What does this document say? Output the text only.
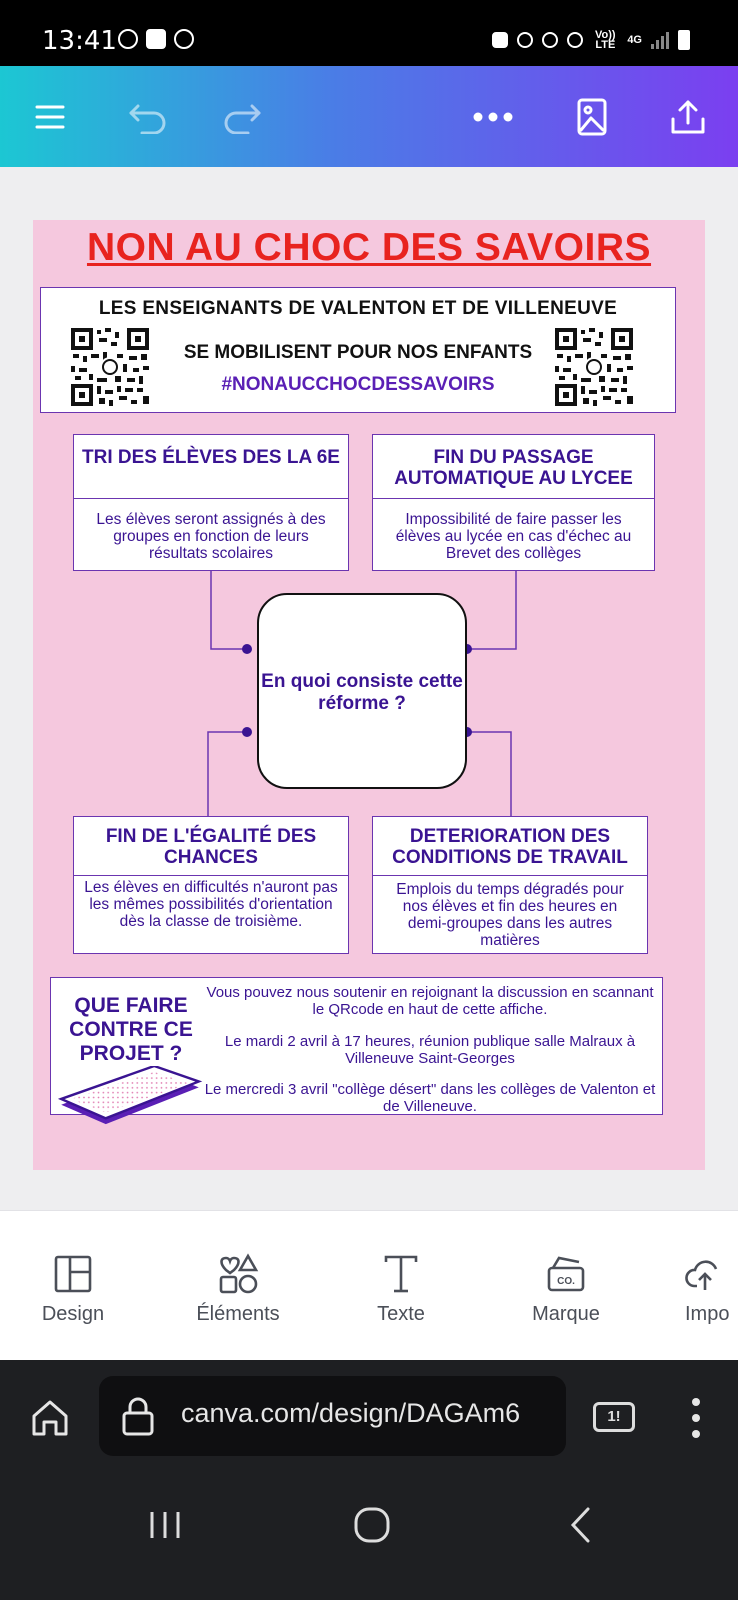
13:41	Vo)) LTE 4G
NON AU CHOC DES SAVOIRS
LES ENSEIGNANTS DE VALENTON ET DE VILLENEUVE
SE MOBILISENT POUR NOS ENFANTS
#NONAUCCHOCDESSAVOIRS
TRI DES ÉLÈVES DES LA 6E
Les élèves seront assignés à des groupes en fonction de leurs résultats scolaires
FIN DU PASSAGE AUTOMATIQUE AU LYCEE
Impossibilité de faire passer les élèves au lycée en cas d'échec au Brevet des collèges
En quoi consiste cette réforme ?
FIN DE L'ÉGALITÉ DES CHANCES
Les élèves en difficultés n'auront pas les mêmes possibilités d'orientation dès la classe de troisième.
DETERIORATION DES CONDITIONS DE TRAVAIL
Emplois du temps dégradés pour nos élèves et fin des heures en demi-groupes dans les autres matières
QUE FAIRE CONTRE CE PROJET ?
Vous pouvez nous soutenir en rejoignant la discussion en scannant le QRcode en haut de cette affiche.
Le mardi 2 avril à 17 heures, réunion publique salle Malraux à Villeneuve Saint-Georges
Le mercredi 3 avril "collège désert" dans les collèges de Valenton et de Villeneuve.
Design	Éléments	Texte
CO.
Marque	Impo
canva.com/design/DAGAm6	1!
